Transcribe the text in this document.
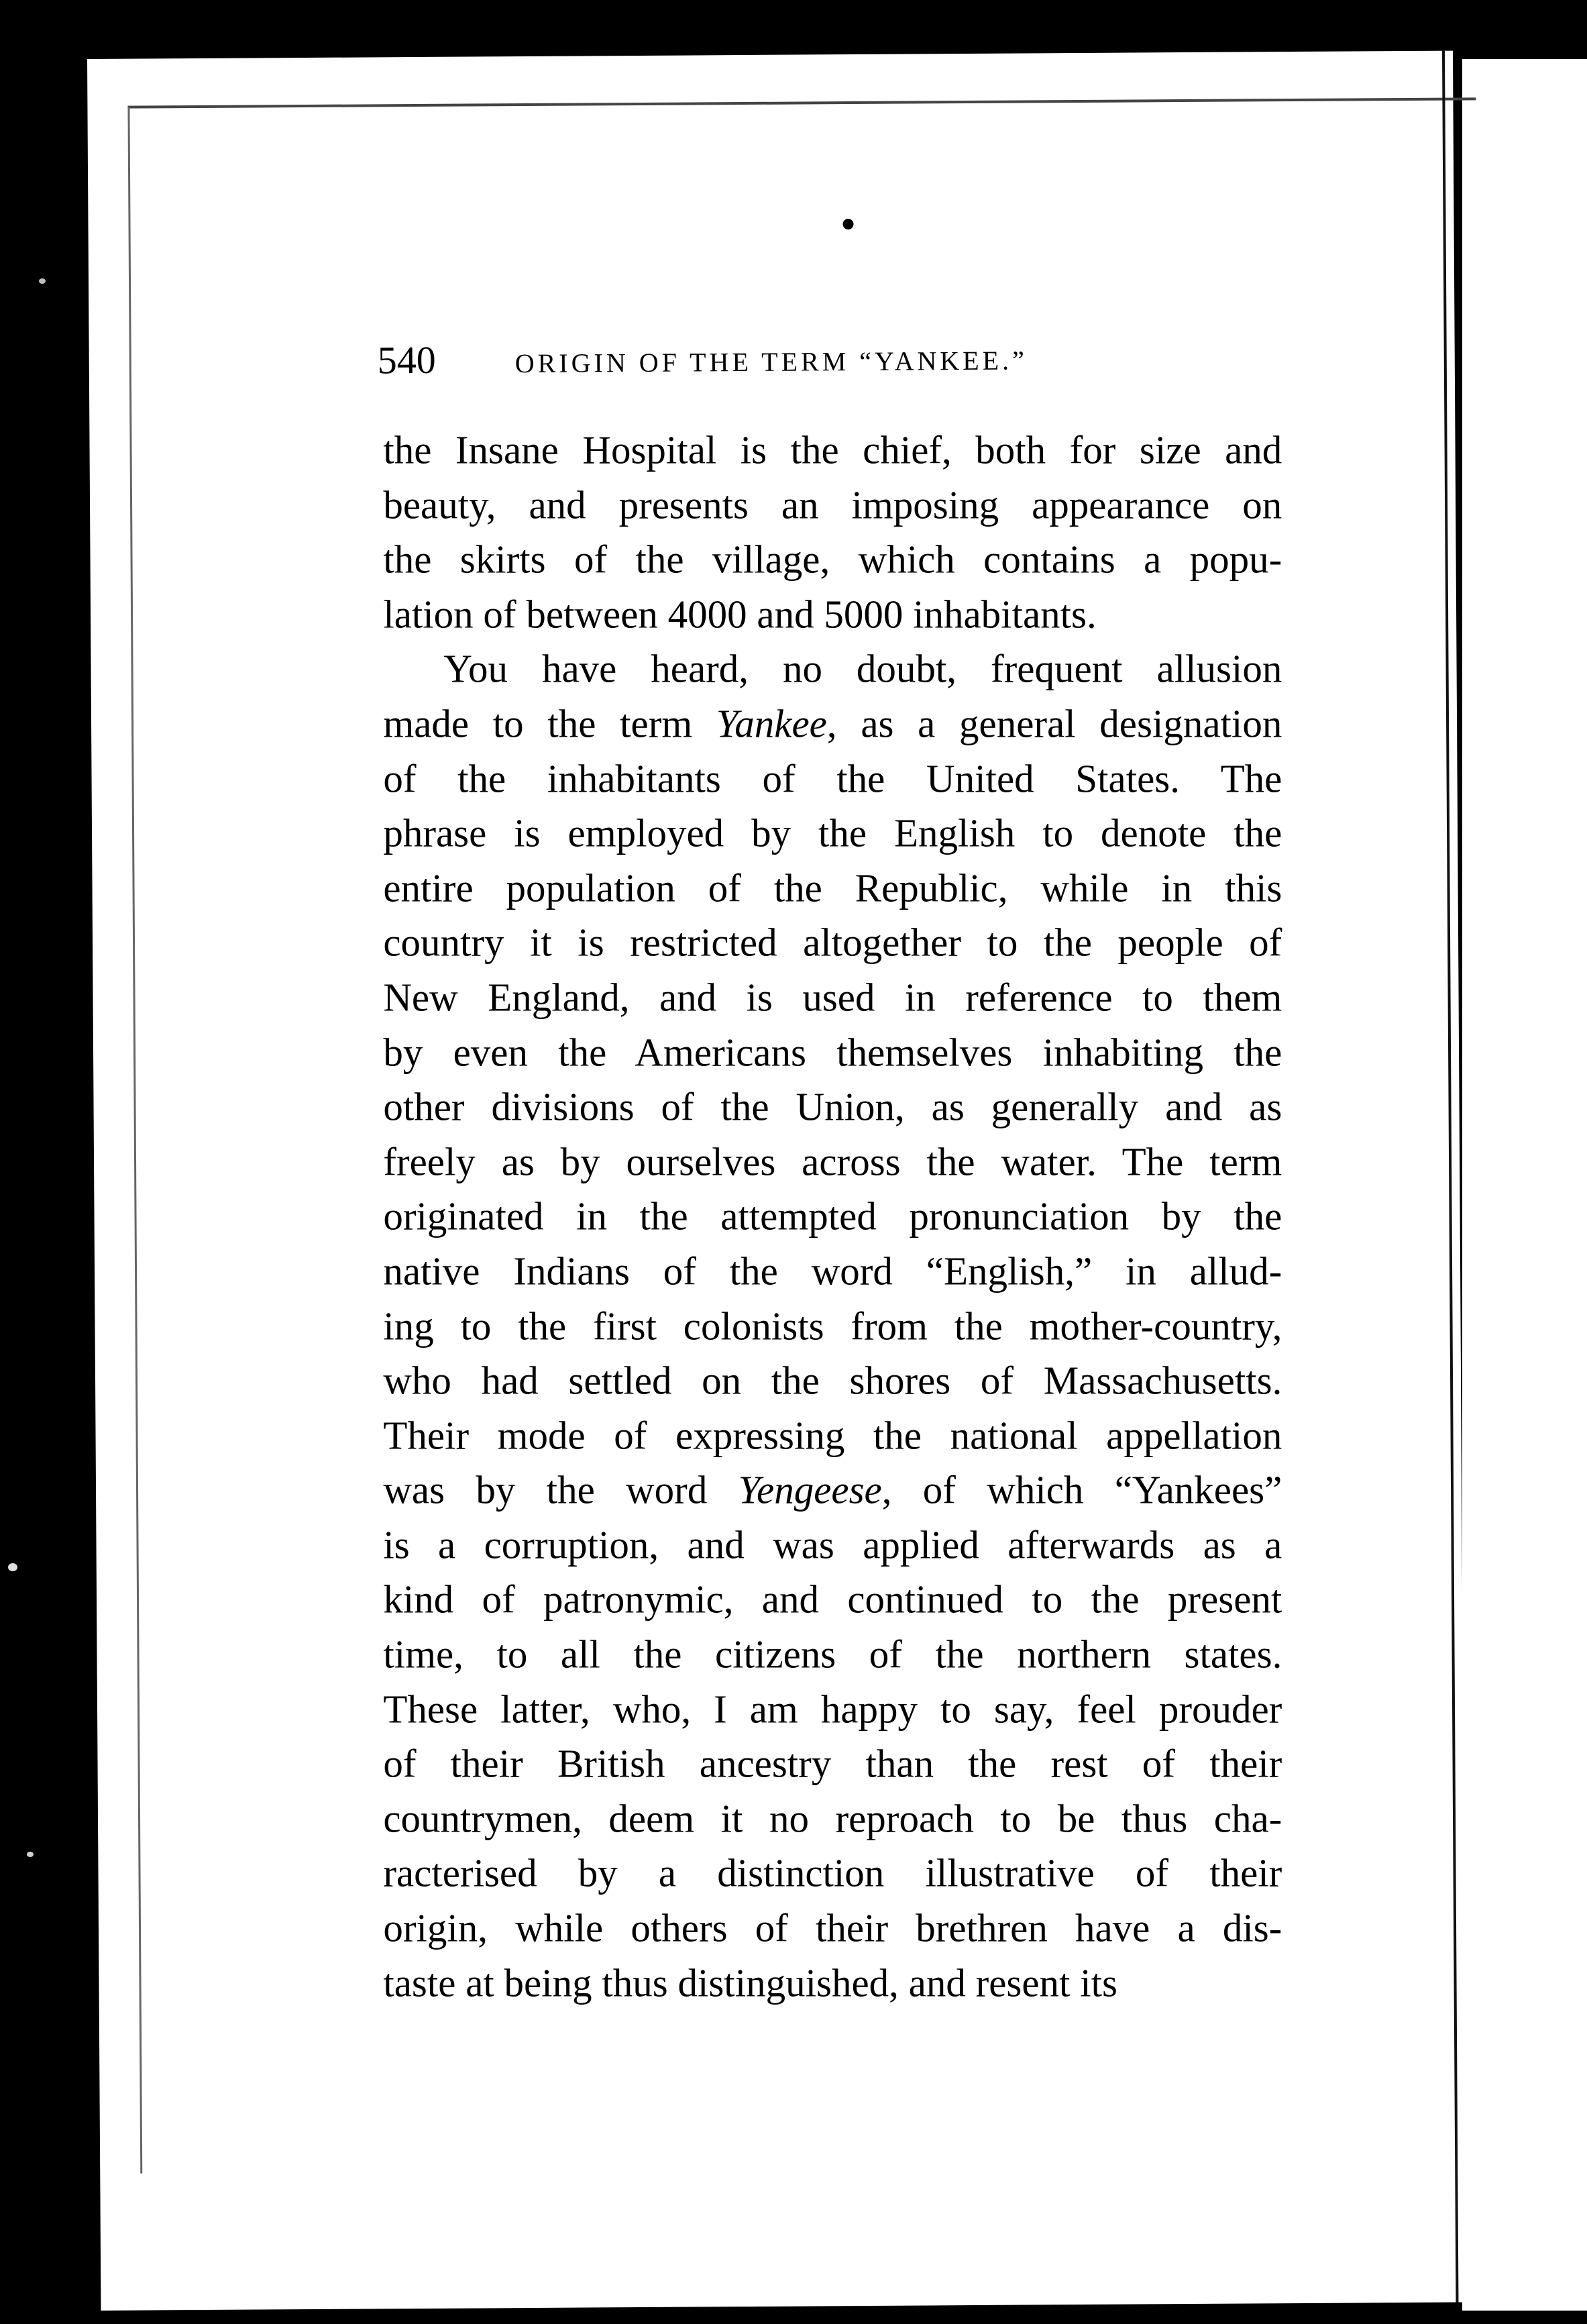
540	ORIGIN OF THE TERM “YANKEE.”
the Insane Hospital is the chief, both for size and
beauty, and presents an imposing appearance on
the skirts of the village, which contains a popu-
lation of between 4000 and 5000 inhabitants.
You have heard, no doubt, frequent allusion
made to the term Yankee, as a general designation
of the inhabitants of the United States. The
phrase is employed by the English to denote the
entire population of the Republic, while in this
country it is restricted altogether to the people of
New England, and is used in reference to them
by even the Americans themselves inhabiting the
other divisions of the Union, as generally and as
freely as by ourselves across the water. The term
originated in the attempted pronunciation by the
native Indians of the word “English,” in allud-
ing to the first colonists from the mother-country,
who had settled on the shores of Massachusetts.
Their mode of expressing the national appellation
was by the word Yengeese, of which “Yankees”
is a corruption, and was applied afterwards as a
kind of patronymic, and continued to the present
time, to all the citizens of the northern states.
These latter, who, I am happy to say, feel prouder
of their British ancestry than the rest of their
countrymen, deem it no reproach to be thus cha-
racterised by a distinction illustrative of their
origin, while others of their brethren have a dis-
taste at being thus distinguished, and resent its
